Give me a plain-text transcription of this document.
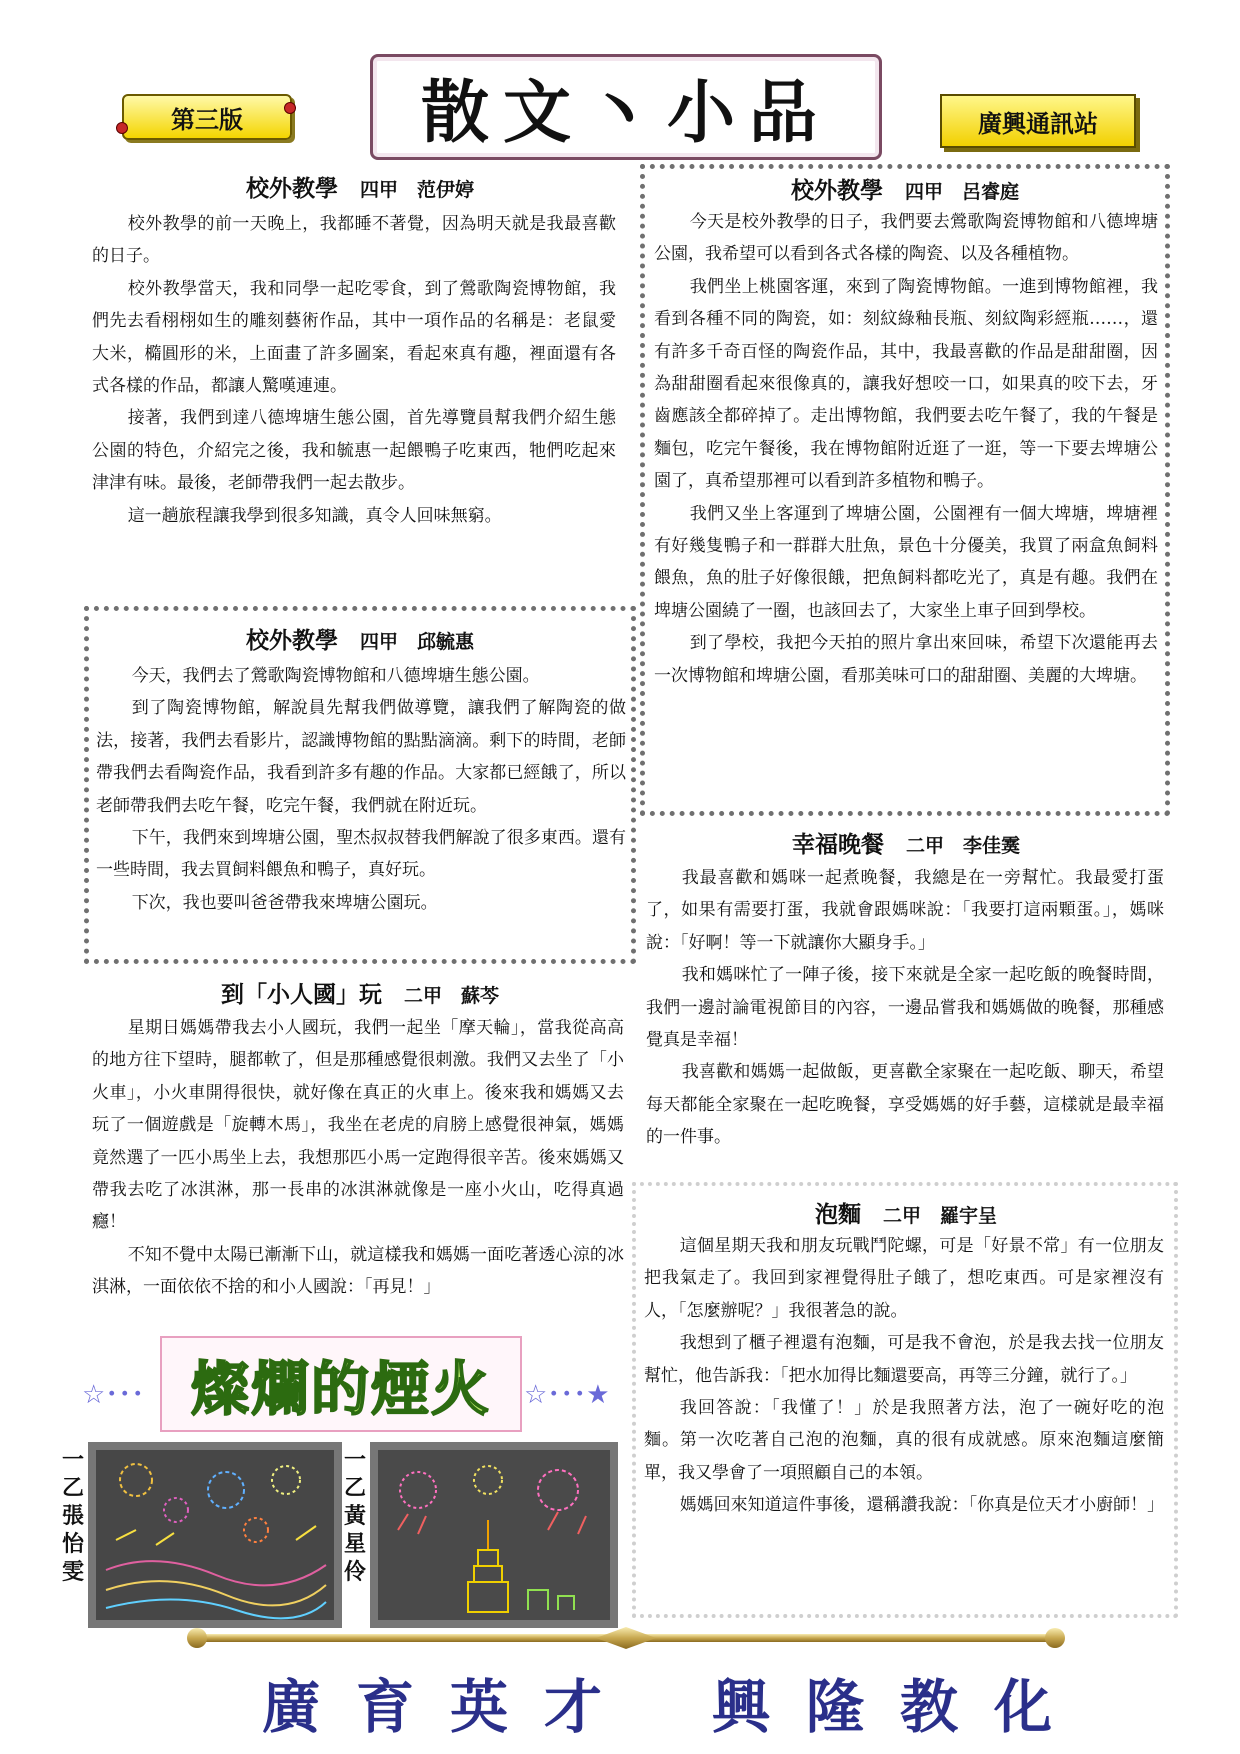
第三版	散文丶小品	廣興通訊站
校外教學 四甲　范伊婷

校外教學的前一天晚上，我都睡不著覺，因為明天就是我最喜歡的日子。

校外教學當天，我和同學一起吃零食，到了鶯歌陶瓷博物館，我們先去看栩栩如生的雕刻藝術作品，其中一項作品的名稱是：老鼠愛大米，橢圓形的米，上面畫了許多圖案，看起來真有趣，裡面還有各式各樣的作品，都讓人驚嘆連連。

接著，我們到達八德埤塘生態公園，首先導覽員幫我們介紹生態公園的特色，介紹完之後，我和毓惠一起餵鴨子吃東西，牠們吃起來津津有味。最後，老師帶我們一起去散步。

這一趟旅程讓我學到很多知識，真令人回味無窮。

校外教學 四甲　邱毓惠

今天，我們去了鶯歌陶瓷博物館和八德埤塘生態公園。

到了陶瓷博物館，解說員先幫我們做導覽，讓我們了解陶瓷的做法，接著，我們去看影片，認識博物館的點點滴滴。剩下的時間，老師帶我們去看陶瓷作品，我看到許多有趣的作品。大家都已經餓了，所以老師帶我們去吃午餐，吃完午餐，我們就在附近玩。

下午，我們來到埤塘公園，聖杰叔叔替我們解說了很多東西。還有一些時間，我去買飼料餵魚和鴨子，真好玩。

下次，我也要叫爸爸帶我來埤塘公園玩。

到「小人國」玩 二甲　蘇芩

星期日媽媽帶我去小人國玩，我們一起坐「摩天輪」，當我從高高的地方往下望時，腿都軟了，但是那種感覺很刺激。我們又去坐了「小火車」，小火車開得很快，就好像在真正的火車上。後來我和媽媽又去玩了一個遊戲是「旋轉木馬」，我坐在老虎的肩膀上感覺很神氣，媽媽竟然選了一匹小馬坐上去，我想那匹小馬一定跑得很辛苦。後來媽媽又帶我去吃了冰淇淋，那一長串的冰淇淋就像是一座小火山，吃得真過癮！

不知不覺中太陽已漸漸下山，就這樣我和媽媽一面吃著透心涼的冰淇淋，一面依依不捨的和小人國說：「再見！」

校外教學 四甲　呂睿庭

今天是校外教學的日子，我們要去鶯歌陶瓷博物館和八德埤塘公園，我希望可以看到各式各樣的陶瓷、以及各種植物。

我們坐上桃園客運，來到了陶瓷博物館。一進到博物館裡，我看到各種不同的陶瓷，如：刻紋綠釉長瓶、刻紋陶彩經瓶……，還有許多千奇百怪的陶瓷作品，其中，我最喜歡的作品是甜甜圈，因為甜甜圈看起來很像真的，讓我好想咬一口，如果真的咬下去，牙齒應該全都碎掉了。走出博物館，我們要去吃午餐了，我的午餐是麵包，吃完午餐後，我在博物館附近逛了一逛，等一下要去埤塘公園了，真希望那裡可以看到許多植物和鴨子。

我們又坐上客運到了埤塘公園，公園裡有一個大埤塘，埤塘裡有好幾隻鴨子和一群群大肚魚，景色十分優美，我買了兩盒魚飼料餵魚，魚的肚子好像很餓，把魚飼料都吃光了，真是有趣。我們在埤塘公園繞了一圈，也該回去了，大家坐上車子回到學校。

到了學校，我把今天拍的照片拿出來回味，希望下次還能再去一次博物館和埤塘公園，看那美味可口的甜甜圈、美麗的大埤塘。

幸福晚餐 二甲　李佳霙

我最喜歡和媽咪一起煮晚餐，我總是在一旁幫忙。我最愛打蛋了，如果有需要打蛋，我就會跟媽咪說：「我要打這兩顆蛋。」，媽咪說：「好啊！等一下就讓你大顯身手。」

我和媽咪忙了一陣子後，接下來就是全家一起吃飯的晚餐時間，我們一邊討論電視節目的內容，一邊品嘗我和媽媽做的晚餐，那種感覺真是幸福！

我喜歡和媽媽一起做飯，更喜歡全家聚在一起吃飯、聊天，希望每天都能全家聚在一起吃晚餐，享受媽媽的好手藝，這樣就是最幸福的一件事。

泡麵 二甲　羅宇呈

這個星期天我和朋友玩戰鬥陀螺，可是「好景不常」有一位朋友把我氣走了。我回到家裡覺得肚子餓了，想吃東西。可是家裡沒有人，「怎麼辦呢？」我很著急的說。

我想到了櫃子裡還有泡麵，可是我不會泡，於是我去找一位朋友幫忙，他告訴我：「把水加得比麵還要高，再等三分鐘，就行了。」

我回答說：「我懂了！」於是我照著方法，泡了一碗好吃的泡麵。第一次吃著自己泡的泡麵，真的很有成就感。原來泡麵這麼簡單，我又學會了一項照顧自己的本領。

媽媽回來知道這件事後，還稱讚我說：「你真是位天才小廚師！」

☆･･･ 燦爛的煙火 ☆･･･★
一乙張怡雯
一乙黃星伶
廣育英才 興隆教化
